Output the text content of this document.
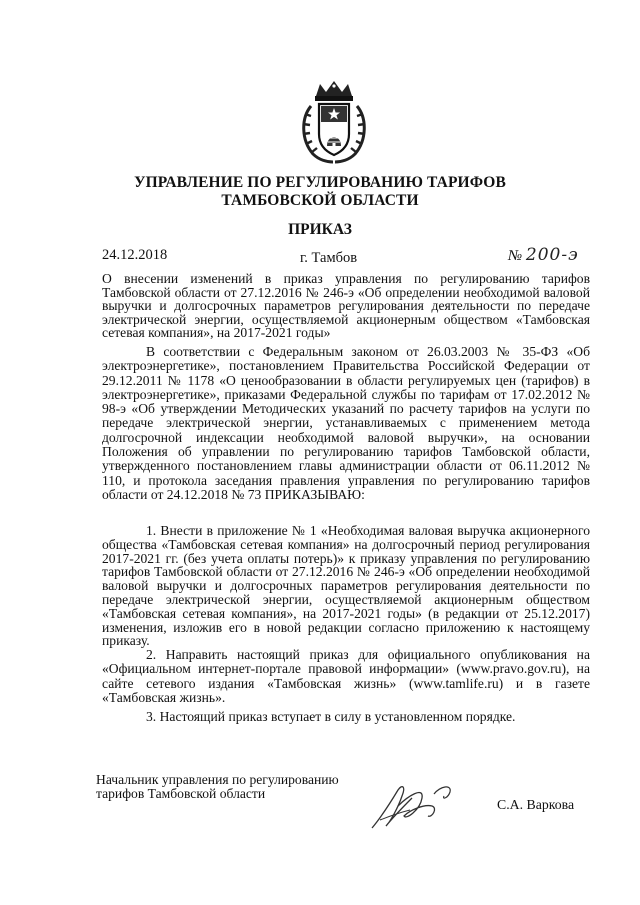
УПРАВЛЕНИЕ ПО РЕГУЛИРОВАНИЮ ТАРИФОВ
ТАМБОВСКОЙ ОБЛАСТИ
ПРИКАЗ
24.12.2018	г. Тамбов	№ 200-э
О внесении изменений в приказ управления по регулированию тарифов Тамбовской области от 27.12.2016 № 246-э «Об определении необходимой валовой выручки и долгосрочных параметров регулирования деятельности по передаче электрической энергии, осуществляемой акционерным обществом «Тамбовская сетевая компания», на 2017-2021 годы»

В соответствии с Федеральным законом от 26.03.2003 № 35-ФЗ «Об электроэнергетике», постановлением Правительства Российской Федерации от 29.12.2011 № 1178 «О ценообразовании в области регулируемых цен (тарифов) в электроэнергетике», приказами Федеральной службы по тарифам от 17.02.2012 № 98-э «Об утверждении Методических указаний по расчету тарифов на услуги по передаче электрической энергии, устанавливаемых с применением метода долгосрочной индексации необходимой валовой выручки», на основании Положения об управлении по регулированию тарифов Тамбовской области, утвержденного постановлением главы администрации области от 06.11.2012 № 110, и протокола заседания правления управления по регулированию тарифов области от 24.12.2018 № 73 ПРИКАЗЫВАЮ:

1. Внести в приложение № 1 «Необходимая валовая выручка акционерного общества «Тамбовская сетевая компания» на долгосрочный период регулирования 2017-2021 гг. (без учета оплаты потерь)» к приказу управления по регулированию тарифов Тамбовской области от 27.12.2016 № 246-э «Об определении необходимой валовой выручки и долгосрочных параметров регулирования деятельности по передаче электрической энергии, осуществляемой акционерным обществом «Тамбовская сетевая компания», на 2017-2021 годы» (в редакции от 25.12.2017) изменения, изложив его в новой редакции согласно приложению к настоящему приказу.

2. Направить настоящий приказ для официального опубликования на «Официальном интернет-портале правовой информации» (www.pravo.gov.ru), на сайте сетевого издания «Тамбовская жизнь» (www.tamlife.ru) и в газете «Тамбовская жизнь».

3. Настоящий приказ вступает в силу в установленном порядке.

Начальник управления по регулированию
тарифов Тамбовской области
С.А. Варкова
